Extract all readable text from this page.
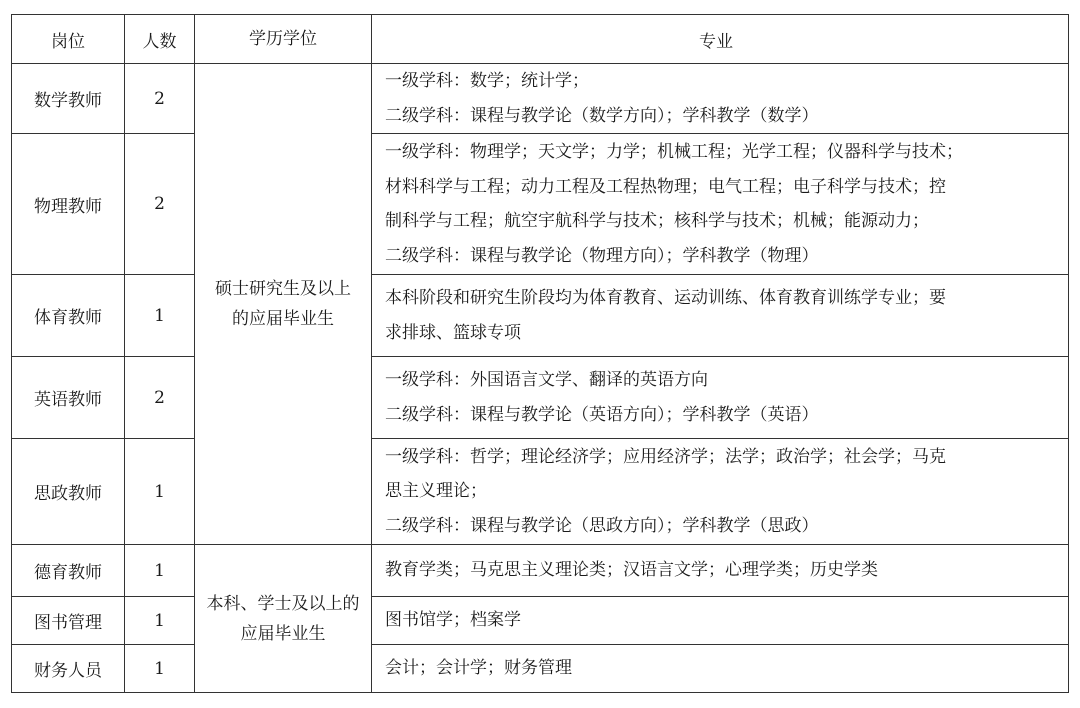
岗位	人数	学历学位	专业
数学教师	2	硕士研究生及以上的应届毕业生	一级学科：数学；统计学；
二级学科：课程与教学论（数学方向）；学科教学（数学）

物理教师	2		一级学科：物理学；天文学；力学；机械工程；光学工程；仪器科学与技术；
材料科学与工程；动力工程及工程热物理；电气工程；电子科学与技术；控
制科学与工程；航空宇航科学与技术；核科学与技术；机械；能源动力；
二级学科：课程与教学论（物理方向）；学科教学（物理）

体育教师	1		本科阶段和研究生阶段均为体育教育、运动训练、体育教育训练学专业；要
求排球、篮球专项

英语教师	2		一级学科：外国语言文学、翻译的英语方向
二级学科：课程与教学论（英语方向）；学科教学（英语）

思政教师	1		一级学科：哲学；理论经济学；应用经济学；法学；政治学；社会学；马克
思主义理论；
二级学科：课程与教学论（思政方向）；学科教学（思政）

德育教师	1	本科、学士及以上的应届毕业生	教育学类；马克思主义理论类；汉语言文学；心理学类；历史学类

图书管理	1		图书馆学；档案学

财务人员	1		会计；会计学；财务管理
